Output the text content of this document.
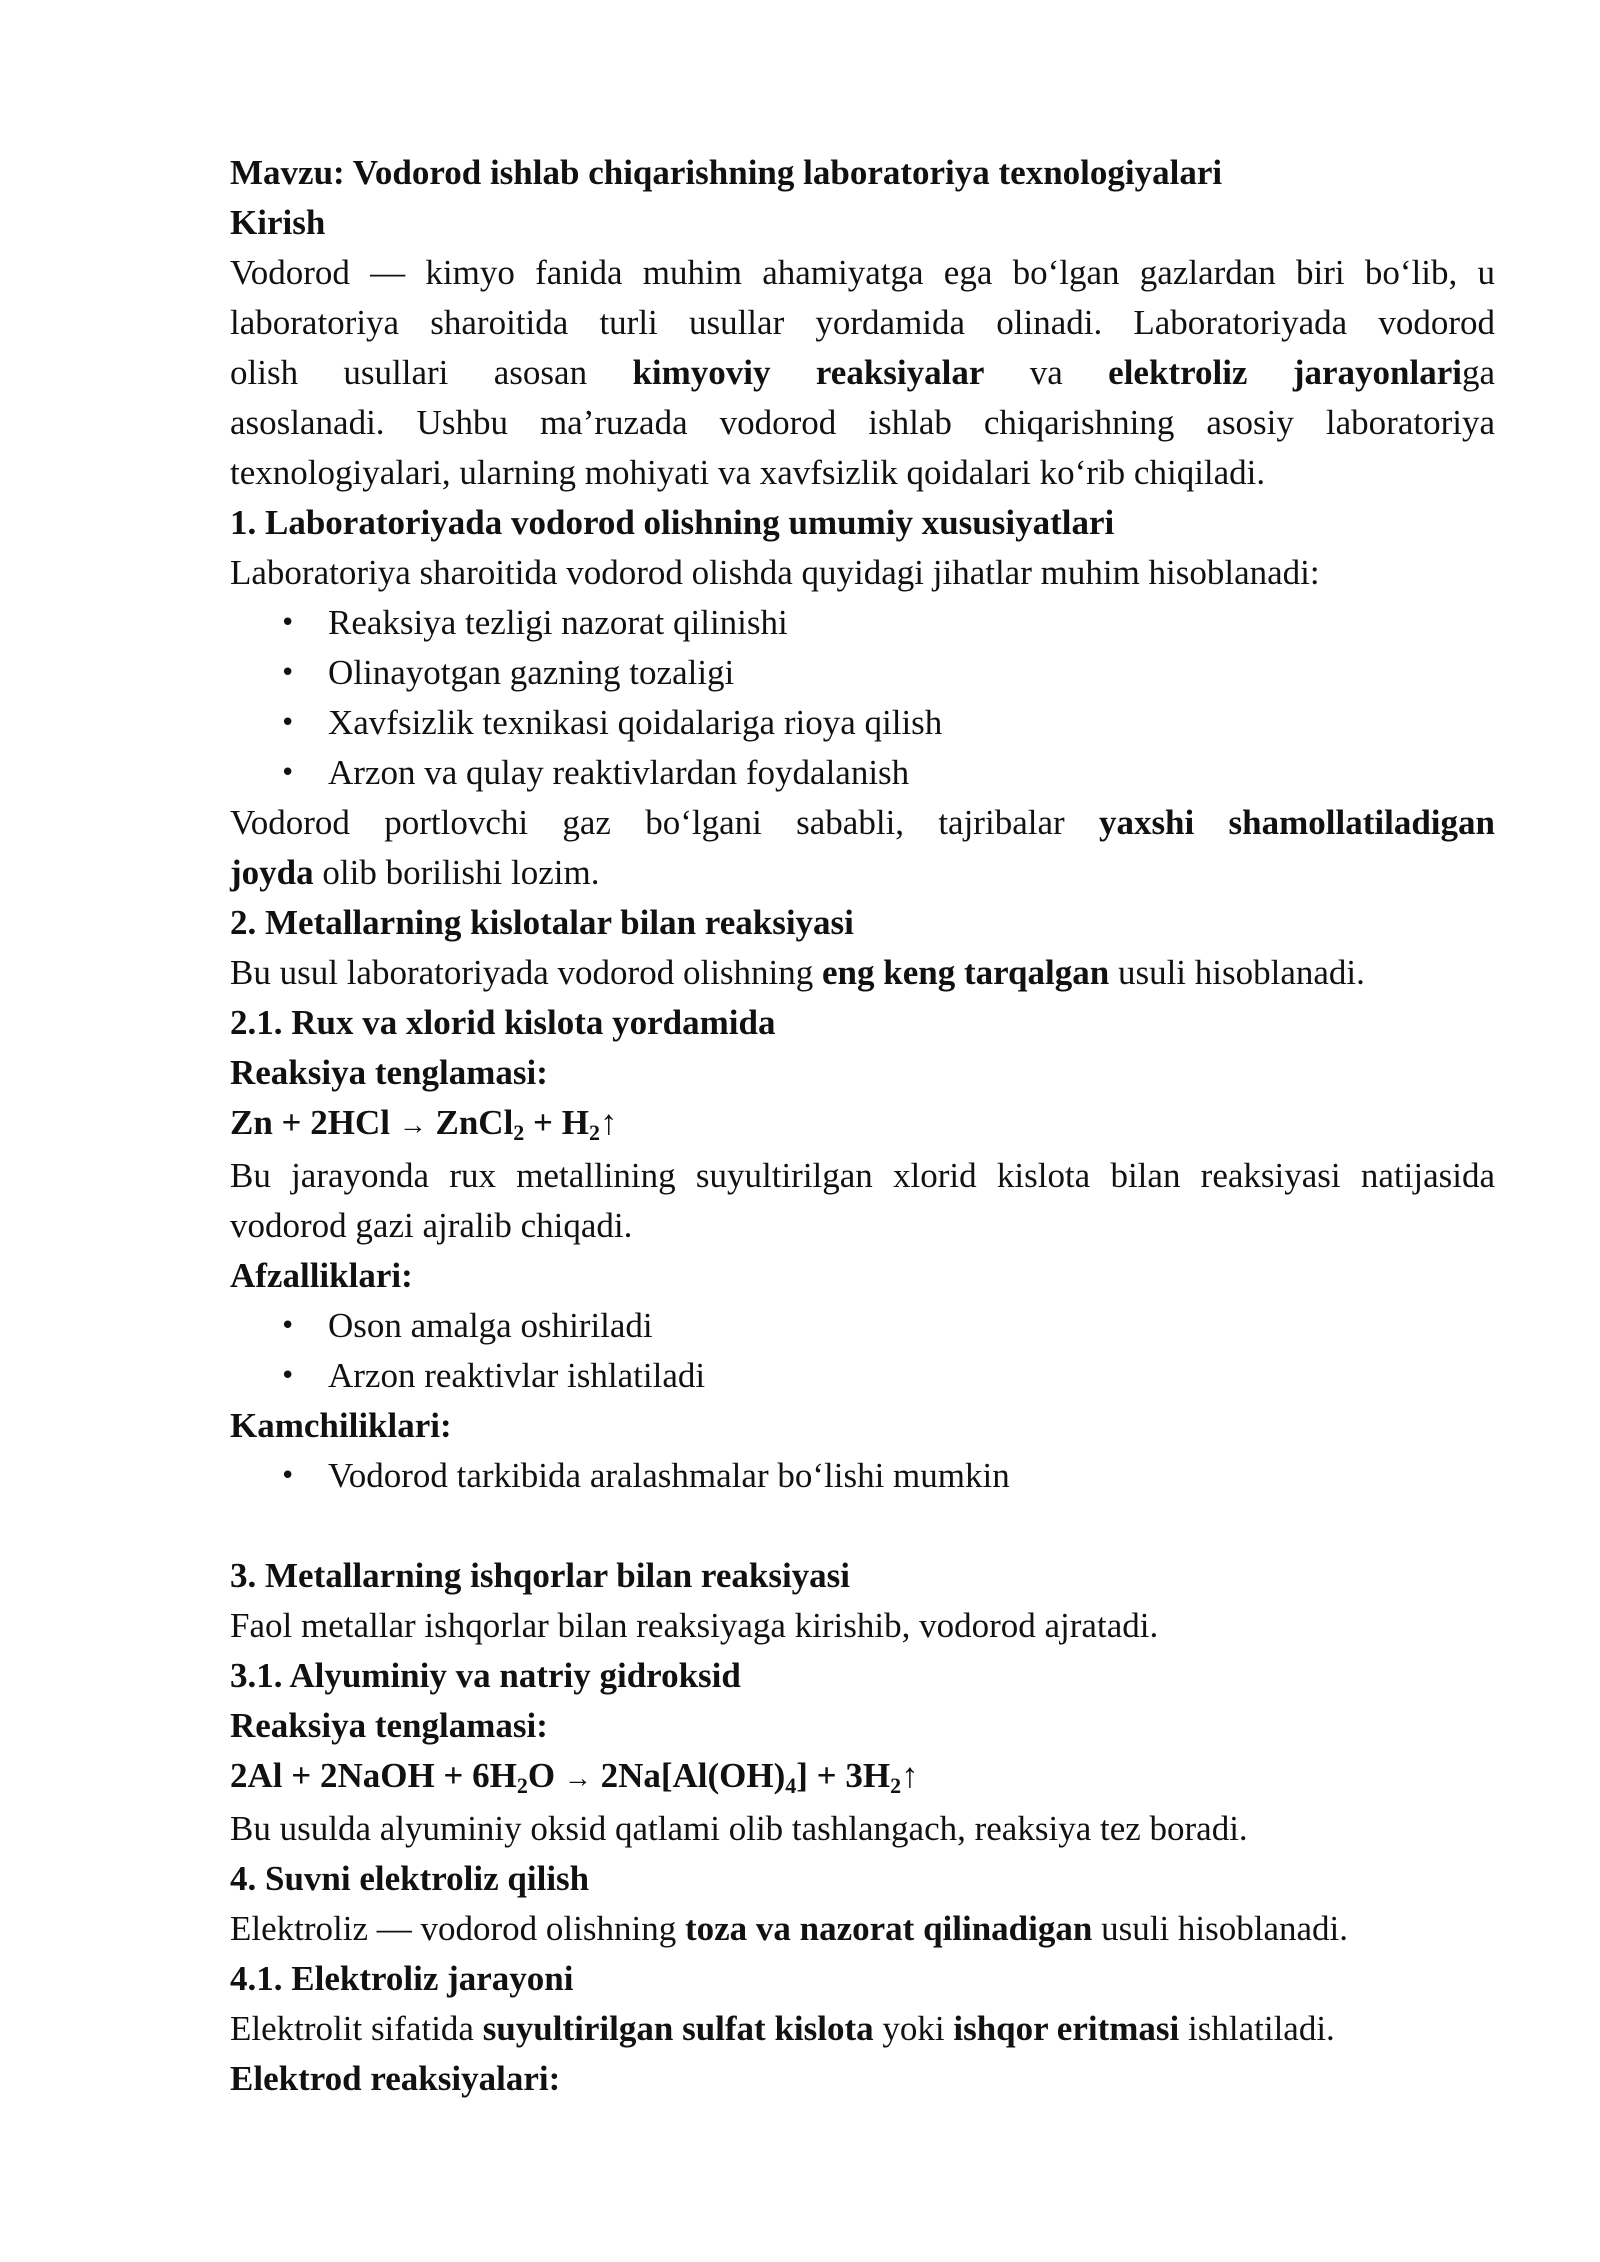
Mavzu: Vodorod ishlab chiqarishning laboratoriya texnologiyalari

Kirish

Vodorod — kimyo fanida muhim ahamiyatga ega bo‘lgan gazlardan biri bo‘lib, u

laboratoriya sharoitida turli usullar yordamida olinadi. Laboratoriyada vodorod

olish usullari asosan kimyoviy reaksiyalar va elektroliz jarayonlariga

asoslanadi. Ushbu ma’ruzada vodorod ishlab chiqarishning asosiy laboratoriya

texnologiyalari, ularning mohiyati va xavfsizlik qoidalari ko‘rib chiqiladi.

1. Laboratoriyada vodorod olishning umumiy xususiyatlari

Laboratoriya sharoitida vodorod olishda quyidagi jihatlar muhim hisoblanadi:

• Reaksiya tezligi nazorat qilinishi
• Olinayotgan gazning tozaligi
• Xavfsizlik texnikasi qoidalariga rioya qilish
• Arzon va qulay reaktivlardan foydalanish

Vodorod portlovchi gaz bo‘lgani sababli, tajribalar yaxshi shamollatiladigan

joyda olib borilishi lozim.

2. Metallarning kislotalar bilan reaksiyasi

Bu usul laboratoriyada vodorod olishning eng keng tarqalgan usuli hisoblanadi.

2.1. Rux va xlorid kislota yordamida

Reaksiya tenglamasi:

Zn + 2HCl → ZnCl$_2$ + $H_2↑$

Bu jarayonda rux metallining suyultirilgan xlorid kislota bilan reaksiyasi natijasida

vodorod gazi ajralib chiqadi.

Afzalliklari:

• Oson amalga oshiriladi
• Arzon reaktivlar ishlatiladi

Kamchiliklari:

• Vodorod tarkibida aralashmalar bo‘lishi mumkin

3. Metallarning ishqorlar bilan reaksiyasi

Faol metallar ishqorlar bilan reaksiyaga kirishib, vodorod ajratadi.

3.1. Alyuminiy va natriy gidroksid

Reaksiya tenglamasi:

2Al + 2NaOH + $6H_2O \to 2Na[Al(OH)_4]$ + $3H_2↑$

Bu usulda alyuminiy oksid qatlami olib tashlangach, reaksiya tez boradi.

4. Suvni elektroliz qilish

Elektroliz — vodorod olishning toza va nazorat qilinadigan usuli hisoblanadi.

4.1. Elektroliz jarayoni

Elektrolit sifatida suyultirilgan sulfat kislota yoki ishqor eritmasi ishlatiladi.

Elektrod reaksiyalari:
